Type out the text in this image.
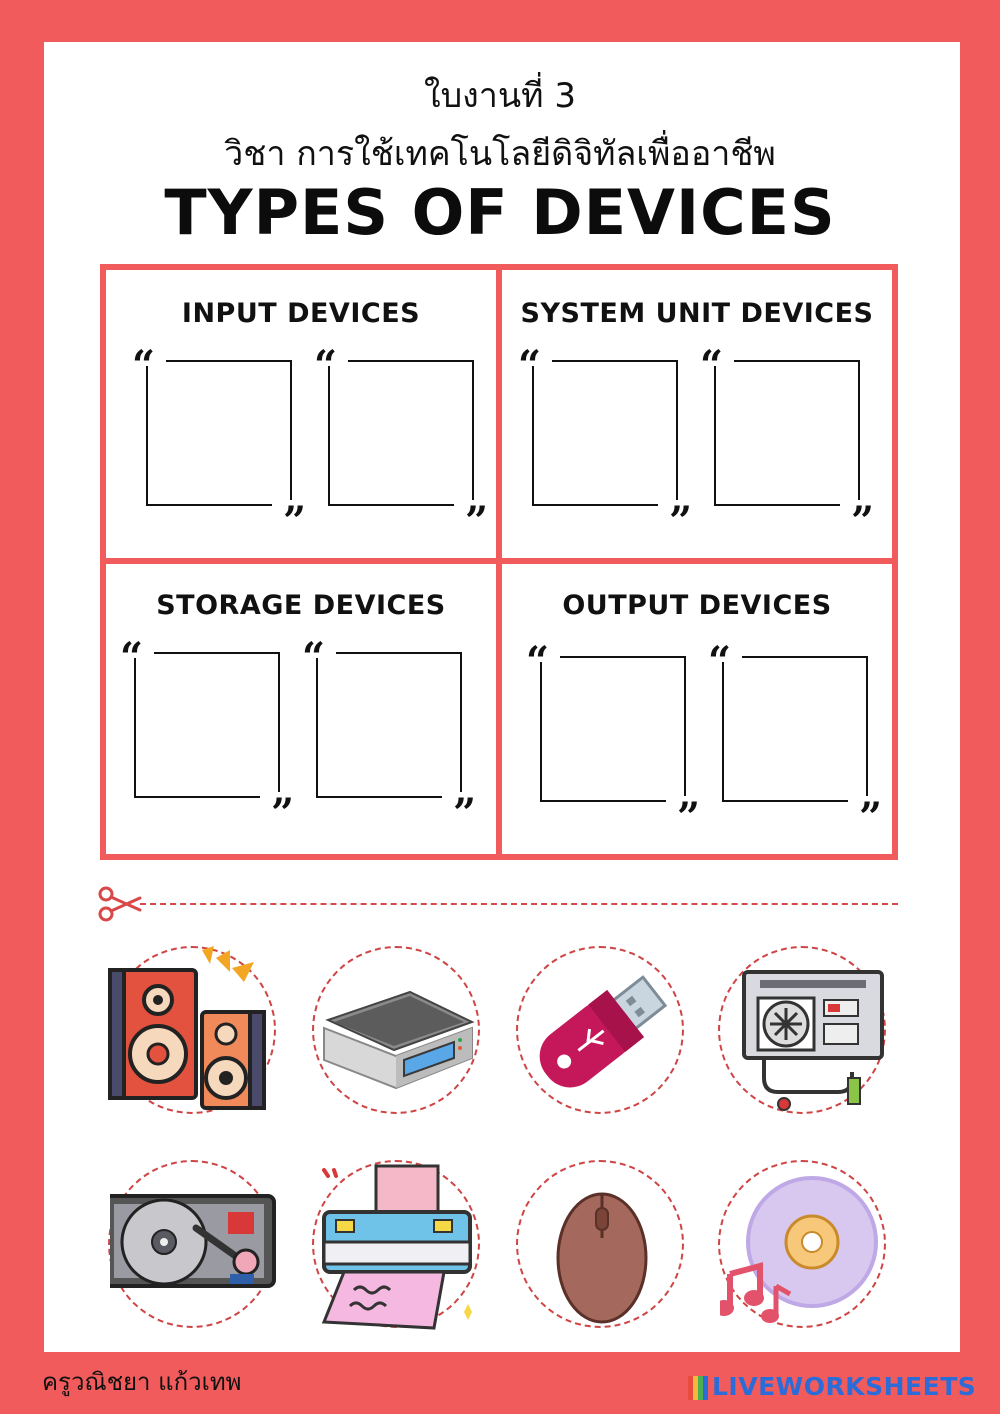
ใบงานที่ 3
วิชา การใช้เทคโนโลยีดิจิทัลเพื่ออาชีพ
TYPES OF DEVICES
INPUT DEVICES
“
”
“
”
SYSTEM UNIT DEVICES
“
”
“
”
STORAGE DEVICES
“
”
“
”
OUTPUT DEVICES
“
”
“
”
ครูวณิชยา แก้วเทพ	LIVEWORKSHEETS
